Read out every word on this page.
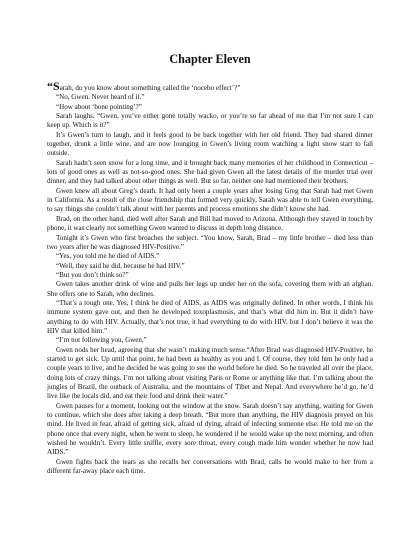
Chapter Eleven

“Sarah, do you know about something called the ‘nocebo effect’?”

“No, Gwen. Never heard of it.”

“How about ‘bone pointing’?”

Sarah laughs. “Gwen, you’ve either gone totally wacko, or you’re so far ahead of me that I’m not sure I can keep up. Which is it?”

It’s Gwen’s turn to laugh, and it feels good to be back together with her old friend. They had shared dinner together, drunk a little wine, and are now lounging in Gwen’s living room watching a light snow start to fall outside.

Sarah hadn’t seen snow for a long time, and it brought back many memories of her childhood in Connecticut – lots of good ones as well as not-so-good ones. She had given Gwen all the latest details of the murder trial over dinner, and they had talked about other things as well. But so far, neither one had mentioned their brothers.

Gwen knew all about Greg’s death. It had only been a couple years after losing Greg that Sarah had met Gwen in California. As a result of the close friendship that formed very quickly, Sarah was able to tell Gwen everything, to say things she couldn’t talk about with her parents and process emotions she didn’t know she had.

Brad, on the other hand, died well after Sarah and Bill had moved to Arizona. Although they stayed in touch by phone, it was clearly not something Gwen wanted to discuss in depth long distance.

Tonight it’s Gwen who first broaches the subject. “You know, Sarah, Brad – my little brother – died less than two years after he was diagnosed HIV-Positive.”

“Yes, you told me he died of AIDS.”

“Well, they said he did, because he had HIV.”

“But you don’t think so?”

Gwen takes another drink of wine and pulls her legs up under her on the sofa, covering them with an afghan. She offers one to Sarah, who declines.

“That’s a tough one. Yes, I think he died of AIDS, as AIDS was originally defined. In other words, I think his immune system gave out, and then he developed toxoplasmosis, and that’s what did him in. But it didn’t have anything to do with HIV. Actually, that’s not true, it had everything to do with HIV, but I don’t believe it was the HIV that killed him.”

“I’m not following you, Gwen.”

Gwen nods her head, agreeing that she wasn’t making much sense.“After Brad was diagnosed HIV-Positive, he started to get sick. Up until that point, he had been as healthy as you and I. Of course, they told him he only had a couple years to live, and he decided he was going to see the world before he died. So he traveled all over the place, doing lots of crazy things. I’m not talking about visiting Paris or Rome or anything like that. I’m talking about the jungles of Brazil, the outback of Australia, and the mountains of Tibet and Nepal. And everywhere he’d go, he’d live like the locals did, and eat their food and drink their water.”

Gwen pauses for a moment, looking out the window at the snow. Sarah doesn’t say anything, waiting for Gwen to continue, which she does after taking a deep breath. “But more than anything, the HIV diagnosis preyed on his mind. He lived in fear, afraid of getting sick, afraid of dying, afraid of infecting someone else. He told me on the phone once that every night, when he went to sleep, he wondered if he would wake up the next morning, and often wished he wouldn’t. Every little sniffle, every sore throat, every cough made him wonder whether he now had AIDS.”

Gwen fights back the tears as she recalls her conversations with Brad, calls he would make to her from a different far-away place each time.
